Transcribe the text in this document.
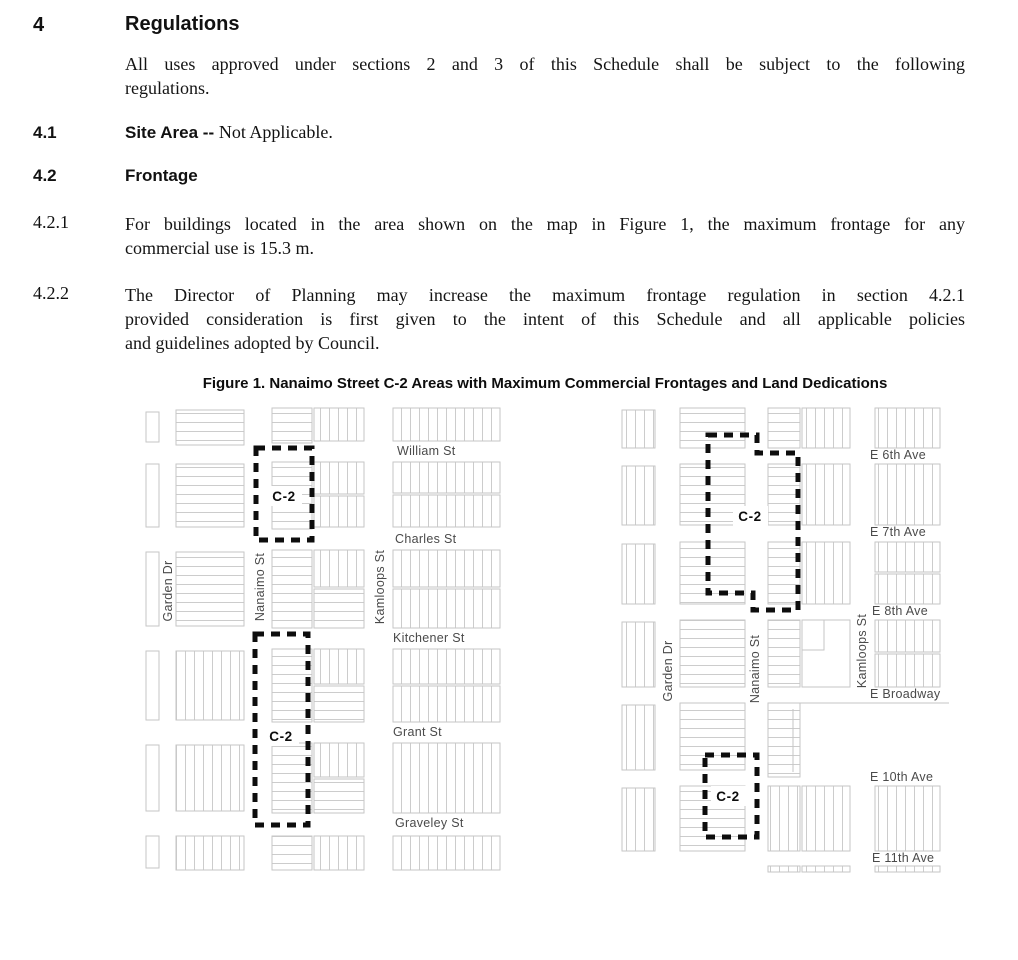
4	Regulations
All uses approved under sections 2 and 3 of this Schedule shall be subject to the following
regulations.
4.1	Site Area -- Not Applicable.
4.2	Frontage
4.2.1	For buildings located in the area shown on the map in Figure 1, the maximum frontage for any
commercial use is 15.3 m.
4.2.2	The Director of Planning may increase the maximum frontage regulation in section 4.2.1
provided consideration is first given to the intent of this Schedule and all applicable policies
and guidelines adopted by Council.
Figure 1. Nanaimo Street C-2 Areas with Maximum Commercial Frontages and Land Dedications
C-2
C-2
William St
Charles St
Kitchener St
Grant St
Graveley St
Garden Dr	Nanaimo St	Kamloops St
C-2
C-2
E 6th Ave
E 7th Ave
E 8th Ave
E Broadway
E 10th Ave
E 11th Ave
Garden Dr	Nanaimo St	Kamloops St
